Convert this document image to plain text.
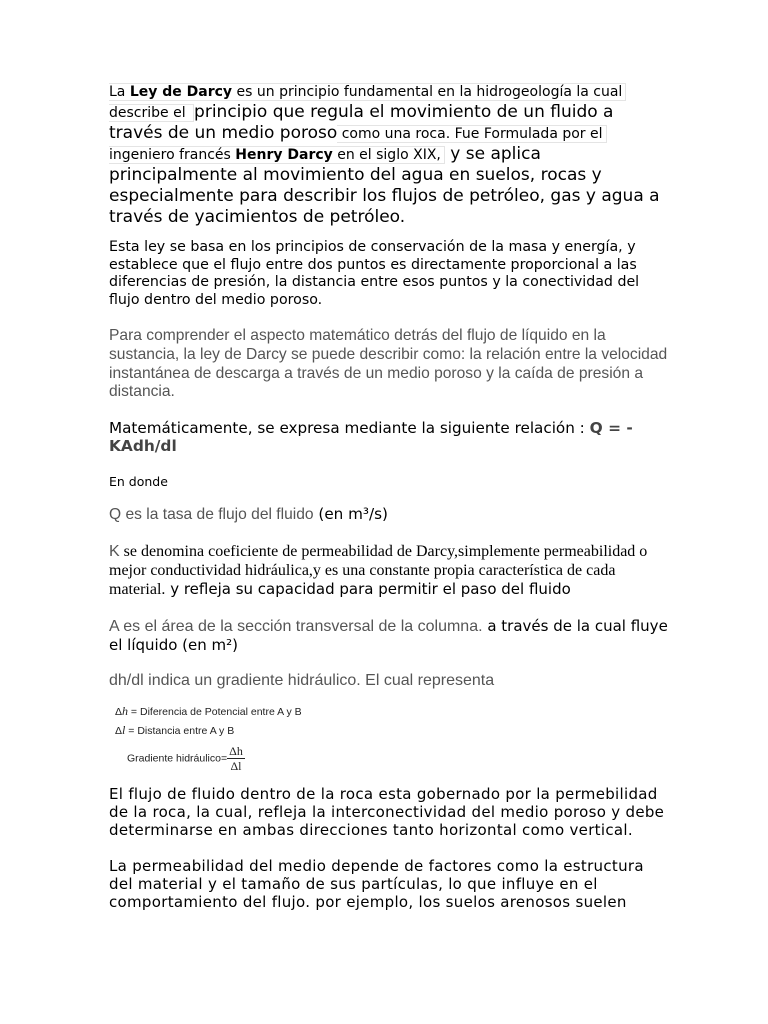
La Ley de Darcy es un principio fundamental en la hidrogeología la cual
describe el principio que regula el movimiento de un fluido a
través de un medio poroso como una roca. Fue Formulada por el
ingeniero francés Henry Darcy en el siglo XIX, y se aplica principalmente al movimiento del agua en suelos, rocas y especialmente para describir los flujos de petróleo, gas y agua a través de yacimientos de petróleo.

Esta ley se basa en los principios de conservación de la masa y energía, y establece que el flujo entre dos puntos es directamente proporcional a las diferencias de presión, la distancia entre esos puntos y la conectividad del flujo dentro del medio poroso.

Para comprender el aspecto matemático detrás del flujo de líquido en la sustancia, la ley de Darcy se puede describir como: la relación entre la velocidad instantánea de descarga a través de un medio poroso y la caída de presión a distancia.

Matemáticamente, se expresa mediante la siguiente relación : Q = -KAdh/dl

En donde

Q es la tasa de flujo del fluido (en m³/s)

K se denomina coeficiente de permeabilidad de Darcy,simplemente permeabilidad o mejor conductividad hidráulica,y es una constante propia característica de cada material. y refleja su capacidad para permitir el paso del fluido

A es el área de la sección transversal de la columna. a través de la cual fluye el líquido (en m²)

dh/dl indica un gradiente hidráulico. El cual representa

Δh = Diferencia de Potencial entre A y B
Δl = Distancia entre A y B
Gradiente hidráulico= $\frac{\Delta h}{\Delta l}$

El flujo de fluido dentro de la roca esta gobernado por la permebilidad de la roca, la cual, refleja la interconectividad del medio poroso y debe determinarse en ambas direcciones tanto horizontal como vertical.

La permeabilidad del medio depende de factores como la estructura del material y el tamaño de sus partículas, lo que influye en el comportamiento del flujo. por ejemplo, los suelos arenosos suelen
